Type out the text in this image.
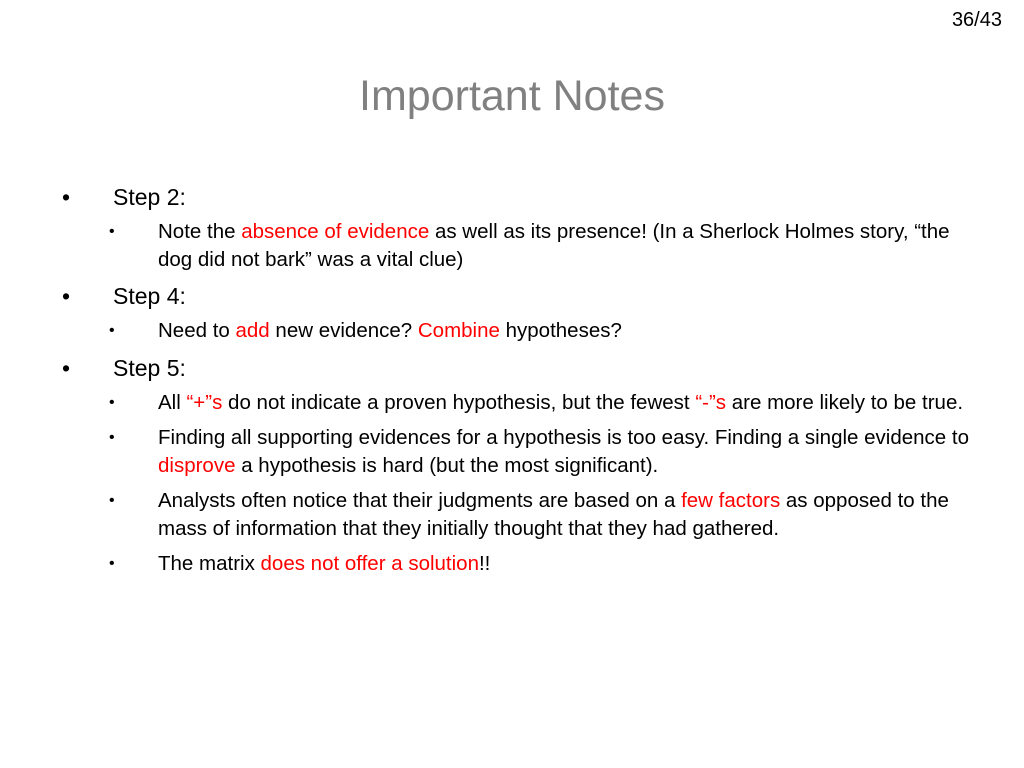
36/43
Important Notes
• Step 2:
• Note the absence of evidence as well as its presence! (In a Sherlock Holmes story, “the dog did not bark” was a vital clue)
• Step 4:
• Need to add new evidence? Combine hypotheses?
• Step 5:
• All “+”s do not indicate a proven hypothesis, but the fewest “-”s are more likely to be true.
• Finding all supporting evidences for a hypothesis is too easy. Finding a single evidence to disprove a hypothesis is hard (but the most significant).
• Analysts often notice that their judgments are based on a few factors as opposed to the mass of information that they initially thought that they had gathered.
• The matrix does not offer a solution!!
